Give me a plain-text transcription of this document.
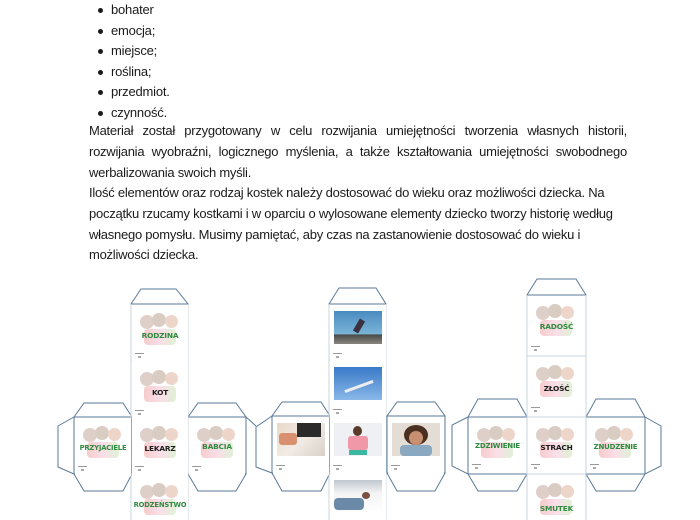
bohater
emocja;
miejsce;
roślina;
przedmiot.
czynność.

Materiał został przygotowany w celu rozwijania umiejętności tworzenia własnych historii, rozwijania wyobraźni, logicznego myślenia, a także kształtowania umiejętności swobodnego werbalizowania swoich myśli.

Ilość elementów oraz rodzaj kostek należy dostosować do wieku oraz możliwości dziecka. Na początku rzucamy kostkami i w oparciu o wylosowane elementy dziecko tworzy historię według własnego pomysłu. Musimy pamiętać, aby czas na zastanowienie dostosować do wieku i możliwości dziecka.

RODZINA
KOT
PRZYJACIELE	LEKARZ	BABCIA
RODZEŃSTWO
RADOŚĆ
ZŁOŚĆ
ZDZIWIENIE	STRACH	ZNUDZENIE
SMUTEK
